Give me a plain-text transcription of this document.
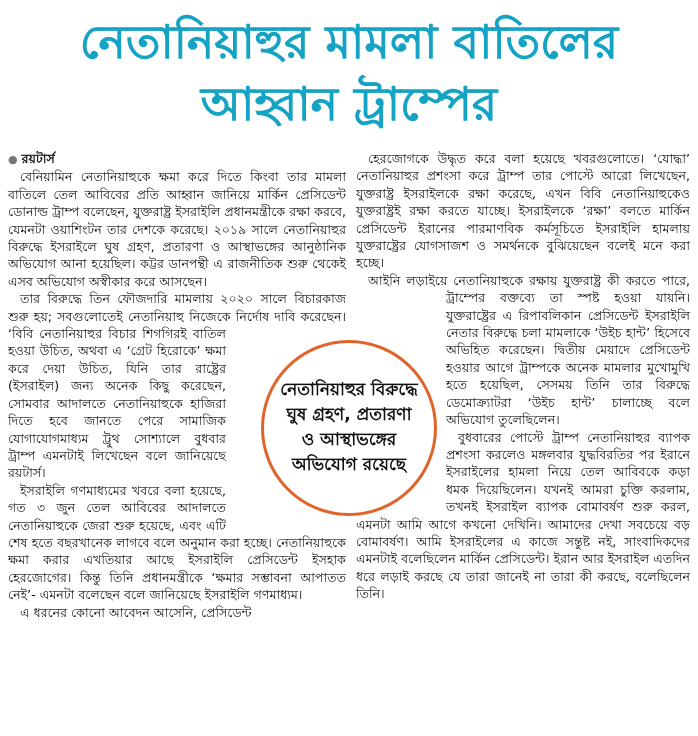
নেতানিয়াহুর মামলা বাতিলের
আহ্বান ট্রাম্পের

● রয়টার্স

বেনিয়ামিন নেতানিয়াহুকে ক্ষমা করে দিতে কিংবা তার মামলা বাতিলে তেল আবিবের প্রতি আহ্বান জানিয়ে মার্কিন প্রেসিডেন্ট ডোনাল্ড ট্রাম্প বলেছেন, যুক্তরাষ্ট্র ইসরাইলি প্রধানমন্ত্রীকে রক্ষা করবে, যেমনটা ওয়াশিংটন তার দেশকে করেছে। ২০১৯ সালে নেতানিয়াহুর বিরুদ্ধে ইসরাইলে ঘুষ গ্রহণ, প্রতারণা ও আস্থাভঙ্গের আনুষ্ঠানিক অভিযোগ আনা হয়েছিল। কট্টর ডানপন্থী এ রাজনীতিক শুরু থেকেই এসব অভিযোগ অস্বীকার করে আসছেন।

তার বিরুদ্ধে তিন ফৌজদারি মামলায় ২০২০ সালে বিচারকাজ শুরু হয়; সবগুলোতেই নেতানিয়াহু নিজেকে নির্দোষ দাবি করেছেন। ‘বিবি নেতানিয়াহুর বিচার শিগগিরই বাতিল হওয়া উচিত, অথবা এ ‘গ্রেট হিরোকে’ ক্ষমা করে দেয়া উচিত, যিনি তার রাষ্ট্রের (ইসরাইল) জন্য অনেক কিছু করেছেন, সোমবার আদালতে নেতানিয়াহুকে হাজিরা দিতে হবে জানতে পেরে সামাজিক যোগাযোগমাধ্যম ট্রুথ সোশ্যালে বুধবার ট্রাম্প এমনটাই লিখেছেন বলে জানিয়েছে রয়টার্স।

ইসরাইলি গণমাধ্যমের খবরে বলা হয়েছে, গত ৩ জুন তেল আবিবের আদালতে নেতানিয়াহুকে জেরা শুরু হয়েছে, এবং এটি শেষ হতে বছরখানেক লাগবে বলে অনুমান করা হচ্ছে। নেতানিয়াহুকে ক্ষমা করার এখতিয়ার আছে ইসরাইলি প্রেসিডেন্ট ইসহাক হেরজোগের। কিন্তু তিনি প্রধানমন্ত্রীকে ‘ক্ষমার সম্ভাবনা আপাতত নেই’- এমনটা বলেছেন বলে জানিয়েছে ইসরাইলি গণমাধ্যম।

এ ধরনের কোনো আবেদন আসেনি, প্রেসিডেন্ট

হেরজোগকে উদ্ধৃত করে বলা হয়েছে খবরগুলোতে। ‘যোদ্ধা’ নেতানিয়াহুর প্রশংসা করে ট্রাম্প তার পোস্টে আরো লিখেছেন, যুক্তরাষ্ট্র ইসরাইলকে রক্ষা করেছে, এখন বিবি নেতানিয়াহুকেও যুক্তরাষ্ট্রই রক্ষা করতে যাচ্ছে। ইসরাইলকে ‘রক্ষা’ বলতে মার্কিন প্রেসিডেন্ট ইরানের পারমাণবিক কর্মসূচিতে ইসরাইলি হামলায় যুক্তরাষ্ট্রের যোগসাজশ ও সমর্থনকে বুঝিয়েছেন বলেই মনে করা হচ্ছে।

আইনি লড়াইয়ে নেতানিয়াহুকে রক্ষায় যুক্তরাষ্ট্র কী করতে পারে, ট্রাম্পের বক্তব্যে তা স্পষ্ট হওয়া যায়নি। যুক্তরাষ্ট্রের এ রিপাবলিকান প্রেসিডেন্ট ইসরাইলি নেতার বিরুদ্ধে চলা মামলাকে ‘উইচ হান্ট’ হিসেবে অভিহিত করেছেন। দ্বিতীয় মেয়াদে প্রেসিডেন্ট হওয়ার আগে ট্রাম্পকে অনেক মামলার মুখোমুখি হতে হয়েছিল, সেসময় তিনি তার বিরুদ্ধে ডেমোক্র্যাটরা ‘উইচ হান্ট’ চালাচ্ছে বলে অভিযোগ তুলেছিলেন।

বুধবারের পোস্টে ট্রাম্প নেতানিয়াহুর ব্যাপক প্রশংসা করলেও মঙ্গলবার যুদ্ধবিরতির পর ইরানে ইসরাইলের হামলা নিয়ে তেল আবিবকে কড়া ধমক দিয়েছিলেন। যখনই আমরা চুক্তি করলাম, তখনই ইসরাইল ব্যাপক বোমাবর্ষণ শুরু করল, এমনটা আমি আগে কখনো দেখিনি। আমাদের দেখা সবচেয়ে বড় বোমাবর্ষণ। আমি ইসরাইলের এ কাজে সন্তুষ্ট নই, সাংবাদিকদের এমনটাই বলেছিলেন মার্কিন প্রেসিডেন্ট। ইরান আর ইসরাইল এতদিন ধরে লড়াই করছে যে তারা জানেই না তারা কী করছে, বলেছিলেন তিনি।

নেতানিয়াহুর বিরুদ্ধে ঘুষ গ্রহণ, প্রতারণা ও আস্থাভঙ্গের অভিযোগ রয়েছে
